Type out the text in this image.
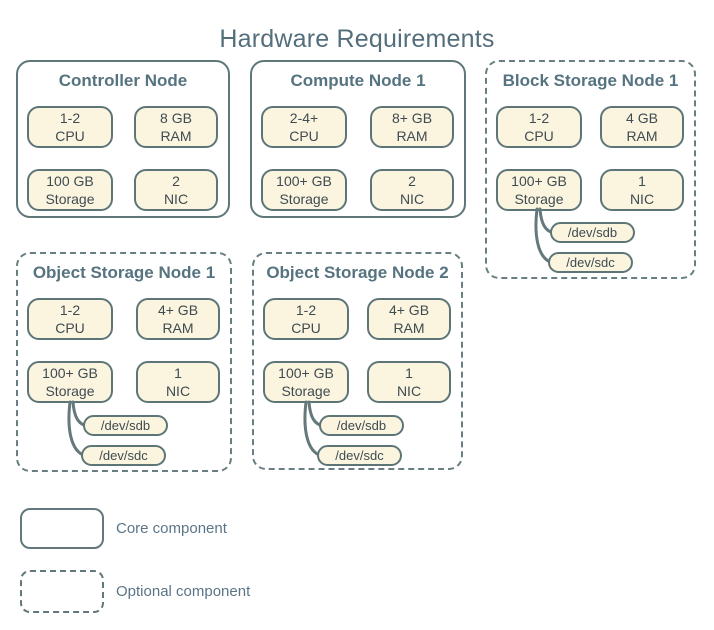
Hardware Requirements
Controller Node
1-2
CPU
8 GB
RAM
100 GB
Storage
2
NIC
Compute Node 1
2-4+
CPU
8+ GB
RAM
100+ GB
Storage
2
NIC
Block Storage Node 1
1-2
CPU
4 GB
RAM
100+ GB
Storage
1
NIC
/dev/sdb
/dev/sdc
Object Storage Node 1
1-2
CPU
4+ GB
RAM
100+ GB
Storage
1
NIC
/dev/sdb
/dev/sdc
Object Storage Node 2
1-2
CPU
4+ GB
RAM
100+ GB
Storage
1
NIC
/dev/sdb
/dev/sdc
Core component
Optional component
